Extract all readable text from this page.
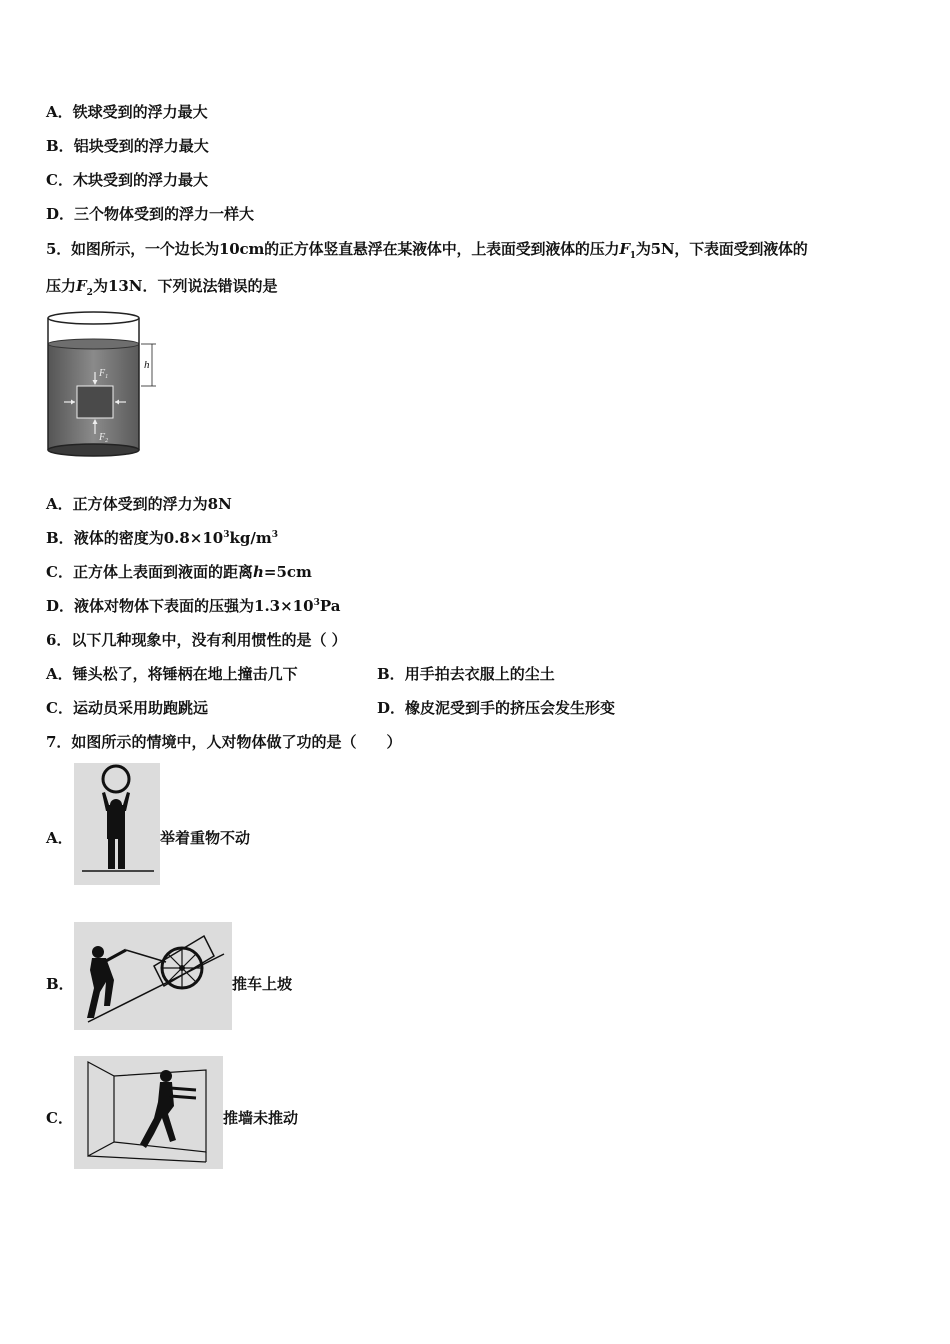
A．铁球受到的浮力最大
B．铝块受到的浮力最大
C．木块受到的浮力最大
D．三个物体受到的浮力一样大
5．如图所示，一个边长为10cm的正方体竖直悬浮在某液体中，上表面受到液体的压力$F_1$为5N，下表面受到液体的
压力$F_2$为13N．下列说法错误的是
$F_1$
$F_2$
h
A．正方体受到的浮力为8N
B．液体的密度为$0.8\times 10^3kg/m^3$
C．正方体上表面到液面的距离h=5cm
D．液体对物体下表面的压强为$1.3\times 10^3Pa$
6．以下几种现象中，没有利用惯性的是（ ）
A．锤头松了，将锤柄在地上撞击几下	B．用手拍去衣服上的尘土
C．运动员采用助跑跳远	D．橡皮泥受到手的挤压会发生形变
7．如图所示的情境中，人对物体做了功的是（　　）
A．	举着重物不动
B．	推车上坡
C．	推墙未推动
